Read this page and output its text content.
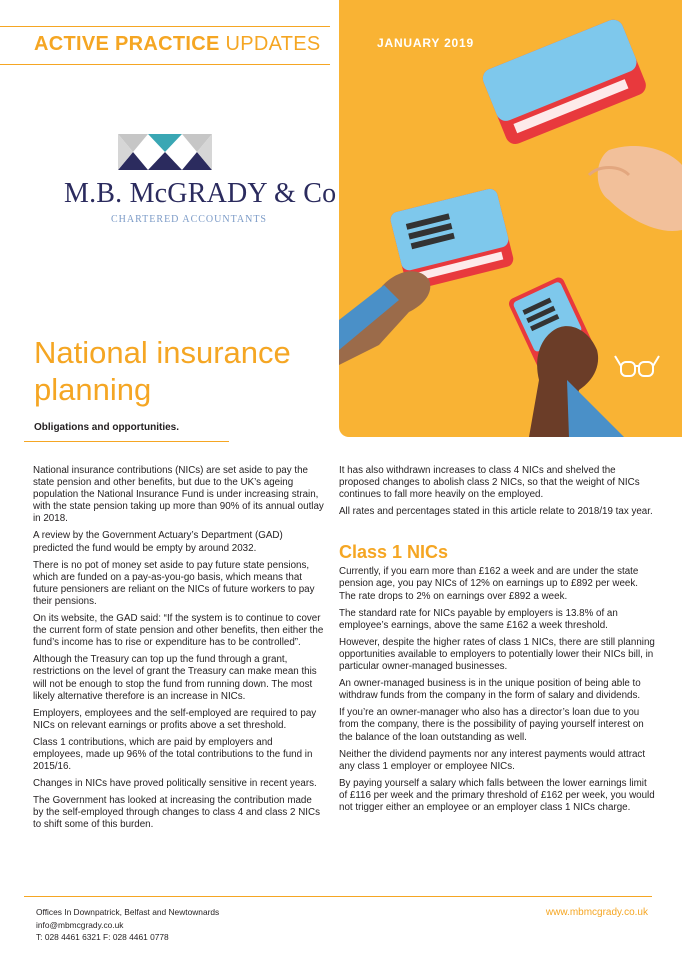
ACTIVE PRACTICE UPDATES
M.B. McGRADY & Co
CHARTERED ACCOUNTANTS
JANUARY 2019
National insurance planning
Obligations and opportunities.

National insurance contributions (NICs) are set aside to pay the state pension and other benefits, but due to the UK’s ageing population the National Insurance Fund is under increasing strain, with the state pension taking up more than 90% of its annual outlay in 2018.

A review by the Government Actuary’s Department (GAD) predicted the fund would be empty by around 2032.

There is no pot of money set aside to pay future state pensions, which are funded on a pay-as-you-go basis, which means that future pensioners are reliant on the NICs of future workers to pay their pensions.

On its website, the GAD said: “If the system is to continue to cover the current form of state pension and other benefits, then either the fund’s income has to rise or expenditure has to be controlled”.

Although the Treasury can top up the fund through a grant, restrictions on the level of grant the Treasury can make mean this will not be enough to stop the fund from running down. The most likely alternative therefore is an increase in NICs.

Employers, employees and the self-employed are required to pay NICs on relevant earnings or profits above a set threshold.

Class 1 contributions, which are paid by employers and employees, made up 96% of the total contributions to the fund in 2015/16.

Changes in NICs have proved politically sensitive in recent years.

The Government has looked at increasing the contribution made by the self-employed through changes to class 4 and class 2 NICs to shift some of this burden.

It has also withdrawn increases to class 4 NICs and shelved the proposed changes to abolish class 2 NICs, so that the weight of NICs continues to fall more heavily on the employed.

All rates and percentages stated in this article relate to 2018/19 tax year.

Class 1 NICs

Currently, if you earn more than £162 a week and are under the state pension age, you pay NICs of 12% on earnings up to £892 per week. The rate drops to 2% on earnings over £892 a week.

The standard rate for NICs payable by employers is 13.8% of an employee’s earnings, above the same £162 a week threshold.

However, despite the higher rates of class 1 NICs, there are still planning opportunities available to employers to potentially lower their NICs bill, in particular owner-managed businesses.

An owner-managed business is in the unique position of being able to withdraw funds from the company in the form of salary and dividends.

If you’re an owner-manager who also has a director’s loan due to you from the company, there is the possibility of paying yourself interest on the balance of the loan outstanding as well.

Neither the dividend payments nor any interest payments would attract any class 1 employer or employee NICs.

By paying yourself a salary which falls between the lower earnings limit of £116 per week and the primary threshold of £162 per week, you would not trigger either an employee or an employer class 1 NICs charge.

Offices In Downpatrick, Belfast and Newtownards
info@mbmcgrady.co.uk
T: 028 4461 6321 F: 028 4461 0778
www.mbmcgrady.co.uk
